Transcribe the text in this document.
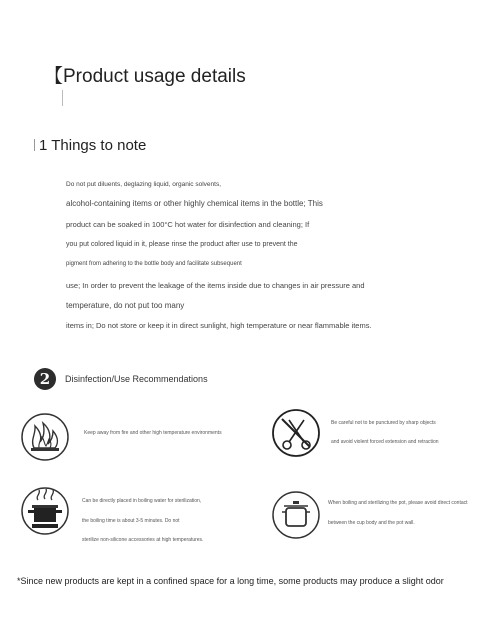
【Product usage details
1 Things to note
Do not put diluents, deglazing liquid, organic solvents,
alcohol-containing items or other highly chemical items in the bottle; This
product can be soaked in 100°C hot water for disinfection and cleaning; If
you put colored liquid in it, please rinse the product after use to prevent the
pigment from adhering to the bottle body and facilitate subsequent
use; In order to prevent the leakage of the items inside due to changes in air pressure and
temperature, do not put too many
items in; Do not store or keep it in direct sunlight, high temperature or near flammable items.
2	Disinfection/Use Recommendations
Keep away from fire and other high temperature environments
Be careful not to be punctured by sharp objects
and avoid violent forced extension and retraction
Can be directly placed in boiling water for sterilization,
the boiling time is about 3-5 minutes. Do not
sterilize non-silicone accessories at high temperatures.
When boiling and sterilizing the pot, please avoid direct contact
between the cup body and the pot wall.
*Since new products are kept in a confined space for a long time, some products may produce a slight odor
